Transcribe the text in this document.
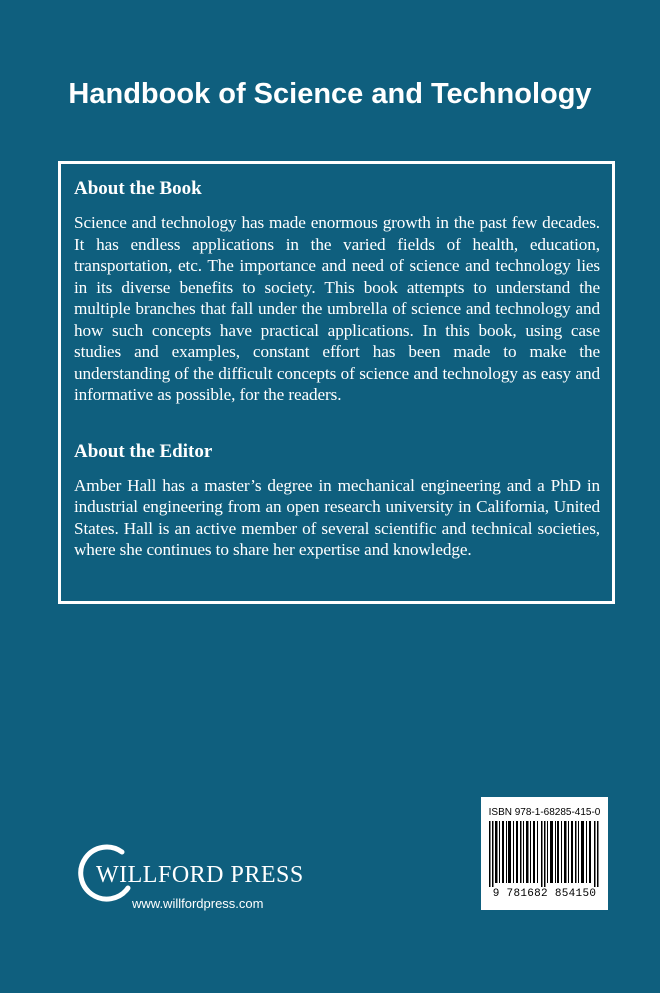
Handbook of Science and Technology
About the Book

Science and technology has made enormous growth in the past few decades. It has endless applications in the varied fields of health, education, transportation, etc. The importance and need of science and technology lies in its diverse benefits to society. This book attempts to understand the multiple branches that fall under the umbrella of science and technology and how such concepts have practical applications. In this book, using case studies and examples, constant effort has been made to make the understanding of the difficult concepts of science and technology as easy and informative as possible, for the readers.

About the Editor

Amber Hall has a master’s degree in mechanical engineering and a PhD in industrial engineering from an open research university in California, United States. Hall is an active member of several scientific and technical societies, where she continues to share her expertise and knowledge.

WILLFORD PRESS
www.willfordpress.com
ISBN 978-1-68285-415-0
9 781682 854150
